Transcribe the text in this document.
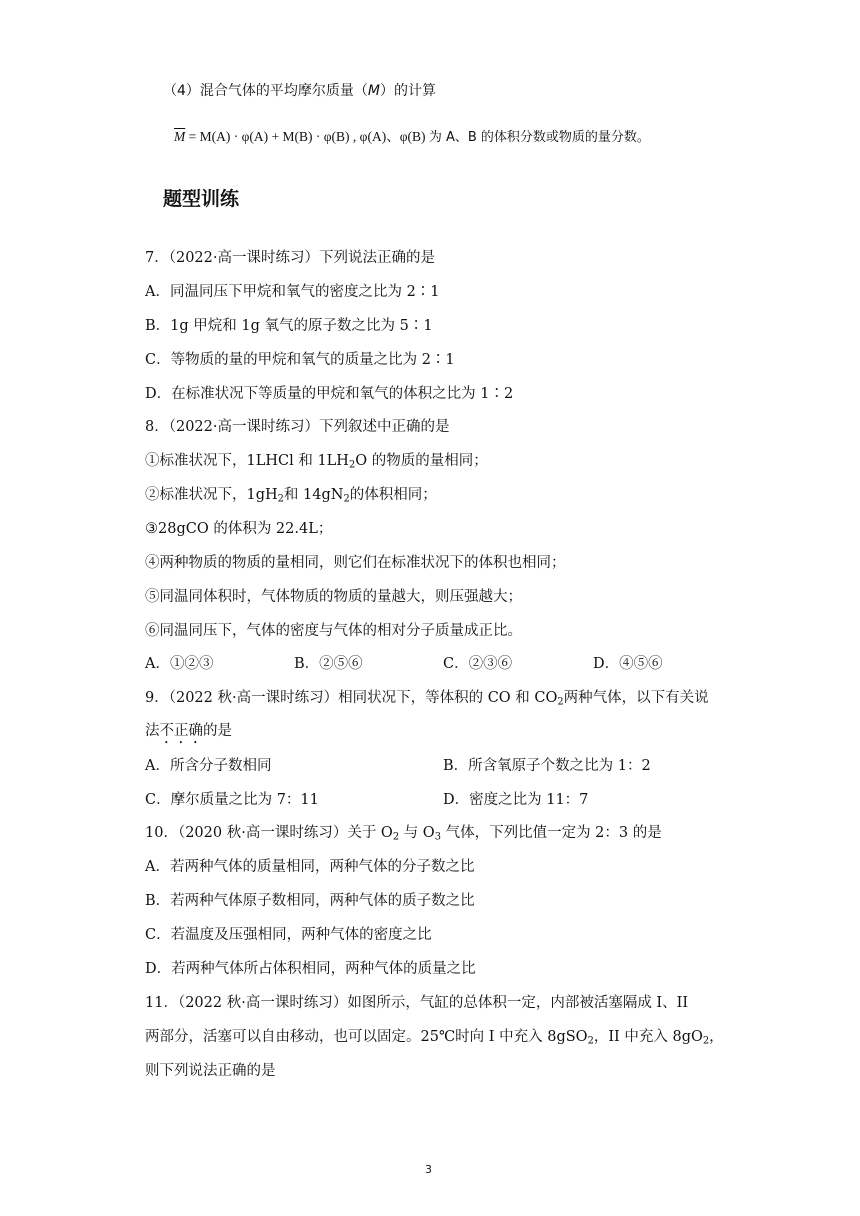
（4）混合气体的平均摩尔质量（M）的计算
$\overline{M} = M(A) \cdot \varphi(A) + M(B) \cdot \varphi(B)$ , φ(A)、φ(B) 为 A、B 的体积分数或物质的量分数。
题型训练
7．（2022·高一课时练习）下列说法正确的是
A．同温同压下甲烷和氧气的密度之比为 2∶1
B．1g 甲烷和 1g 氧气的原子数之比为 5∶1
C．等物质的量的甲烷和氧气的质量之比为 2∶1
D．在标准状况下等质量的甲烷和氧气的体积之比为 1∶2
8．（2022·高一课时练习）下列叙述中正确的是
①标准状况下，1LHCl 和 $1LH_2O$ 的物质的量相同；
②标准状况下，$1gH_2$和 $14gN_2$的体积相同；
③28gCO 的体积为 22.4L；
④两种物质的物质的量相同，则它们在标准状况下的体积也相同；
⑤同温同体积时，气体物质的物质的量越大，则压强越大；
⑥同温同压下，气体的密度与气体的相对分子质量成正比。
A．①②③	B．②⑤⑥	C．②③⑥	D．④⑤⑥
9．（2022 秋·高一课时练习）相同状况下，等体积的 CO 和 $CO_2$两种气体，以下有关说
法不正确的是
A．所含分子数相同	B．所含氧原子个数之比为 1：2
C．摩尔质量之比为 7：11	D．密度之比为 11：7
10．（2020 秋·高一课时练习）关于 $O_2$ 与 $O_3$ 气体，下列比值一定为 2：3 的是
A．若两种气体的质量相同，两种气体的分子数之比
B．若两种气体原子数相同，两种气体的质子数之比
C．若温度及压强相同，两种气体的密度之比
D．若两种气体所占体积相同，两种气体的质量之比
11．（2022 秋·高一课时练习）如图所示，气缸的总体积一定，内部被活塞隔成 I、II
两部分，活塞可以自由移动，也可以固定。25℃时向 I 中充入 8gSO$_2$，II 中充入 $8gO_2$，
则下列说法正确的是
3
